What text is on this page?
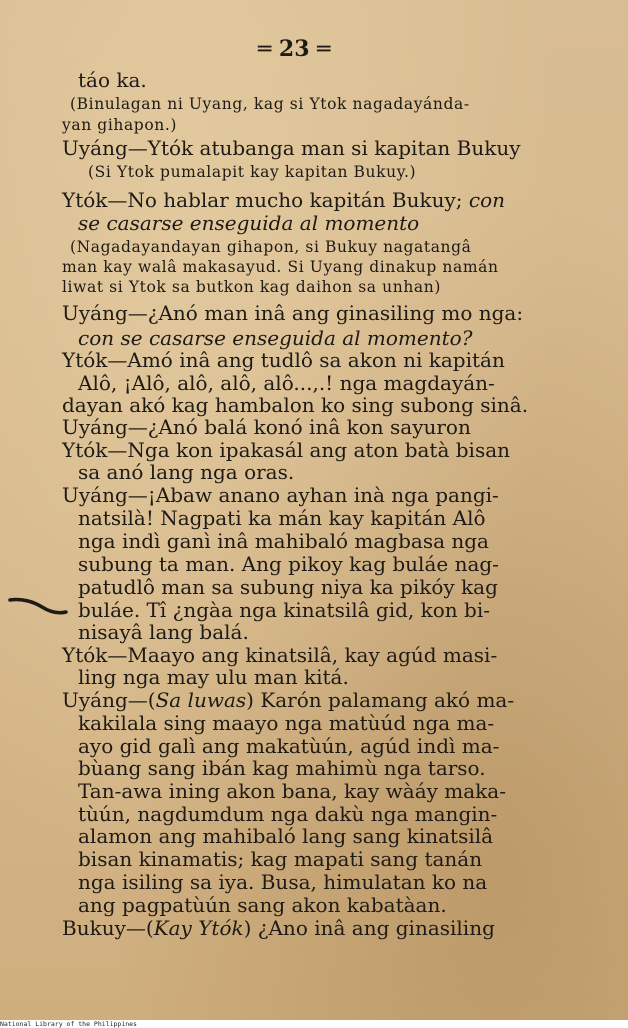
═ 23 ═
táo ka.
(Binulagan ni Uyang, kag si Ytok nagadayánda-
yan gihapon.)
Uyáng—Ytók atubanga man si kapitan Bukuy
(Si Ytok pumalapit kay kapitan Bukuy.)
Ytók—No hablar mucho kapitán Bukuy; con
se casarse enseguida al momento
(Nagadayandayan gihapon, si Bukuy nagatangâ
man kay walâ makasayud. Si Uyang dinakup namán
liwat si Ytok sa butkon kag daihon sa unhan)
Uyáng—¿Anó man inâ ang ginasiling mo nga:
con se casarse enseguida al momento?
Ytók—Amó inâ ang tudlô sa akon ni kapitán
Alô, ¡Alô, alô, alô, alô...,.! nga magdayán-
dayan akó kag hambalon ko sing subong sinâ.
Uyáng—¿Anó balá konó inâ kon sayuron
Ytók—Nga kon ipakasál ang aton batà bisan
sa anó lang nga oras.
Uyáng—¡Abaw anano ayhan inà nga pangi-
natsilà! Nagpati ka mán kay kapitán Alô
nga indì ganì inâ mahibaló magbasa nga
subung ta man. Ang pikoy kag buláe nag-
patudlô man sa subung niya ka pikóy kag
buláe. Tî ¿ngàa nga kinatsilâ gid, kon bi-
nisayâ lang balá.
Ytók—Maayo ang kinatsilâ, kay agúd masi-
ling nga may ulu man kitá.
Uyáng—(Sa luwas) Karón palamang akó ma-
kakilala sing maayo nga matùúd nga ma-
ayo gid galì ang makatùún, agúd indì ma-
bùang sang ibán kag mahimù nga tarso.
Tan-awa ining akon bana, kay wàáy maka-
tùún, nagdumdum nga dakù nga mangin-
alamon ang mahibaló lang sang kinatsilâ
bisan kinamatis; kag mapati sang tanán
nga isiling sa iya. Busa, himulatan ko na
ang pagpatùún sang akon kabatàan.
Bukuy—(Kay Ytók) ¿Ano inâ ang ginasiling
National Library of the Philippines
